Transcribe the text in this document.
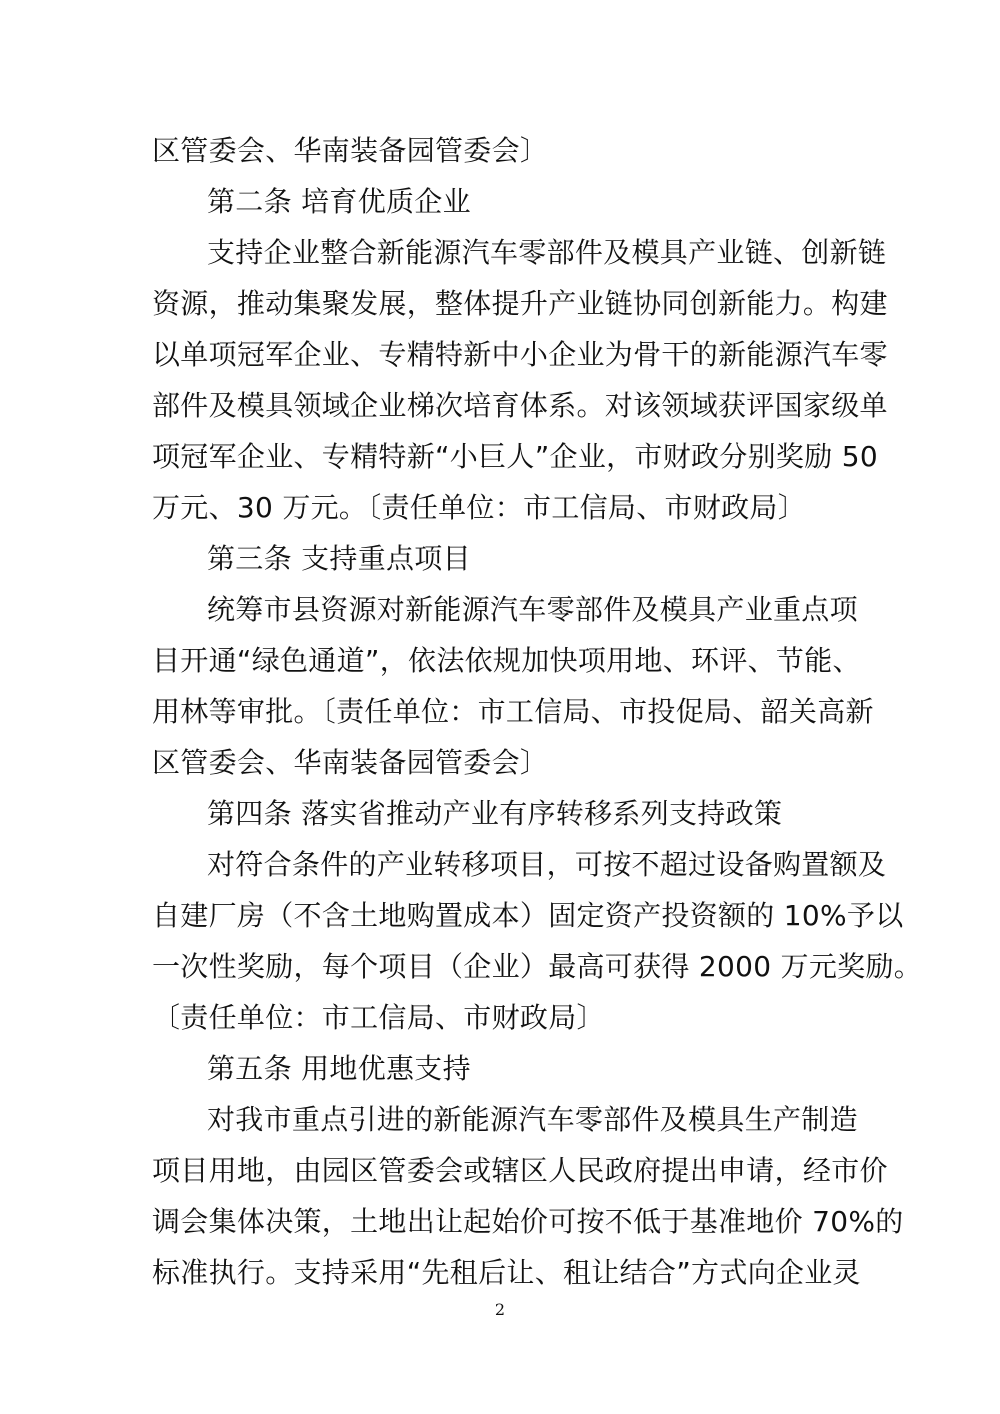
区管委会、华南装备园管委会〕
第二条 培育优质企业
支持企业整合新能源汽车零部件及模具产业链、创新链
资源，推动集聚发展，整体提升产业链协同创新能力。构建
以单项冠军企业、专精特新中小企业为骨干的新能源汽车零
部件及模具领域企业梯次培育体系。对该领域获评国家级单
项冠军企业、专精特新“小巨人”企业，市财政分别奖励 50
万元、30 万元。〔责任单位：市工信局、市财政局〕
第三条 支持重点项目
统筹市县资源对新能源汽车零部件及模具产业重点项
目开通“绿色通道”，依法依规加快项用地、环评、节能、
用林等审批。〔责任单位：市工信局、市投促局、韶关高新
区管委会、华南装备园管委会〕
第四条 落实省推动产业有序转移系列支持政策
对符合条件的产业转移项目，可按不超过设备购置额及
自建厂房（不含土地购置成本）固定资产投资额的 10%予以
一次性奖励，每个项目（企业）最高可获得 2000 万元奖励。
〔责任单位：市工信局、市财政局〕
第五条 用地优惠支持
对我市重点引进的新能源汽车零部件及模具生产制造
项目用地，由园区管委会或辖区人民政府提出申请，经市价
调会集体决策，土地出让起始价可按不低于基准地价 70%的
标准执行。支持采用“先租后让、租让结合”方式向企业灵
2
